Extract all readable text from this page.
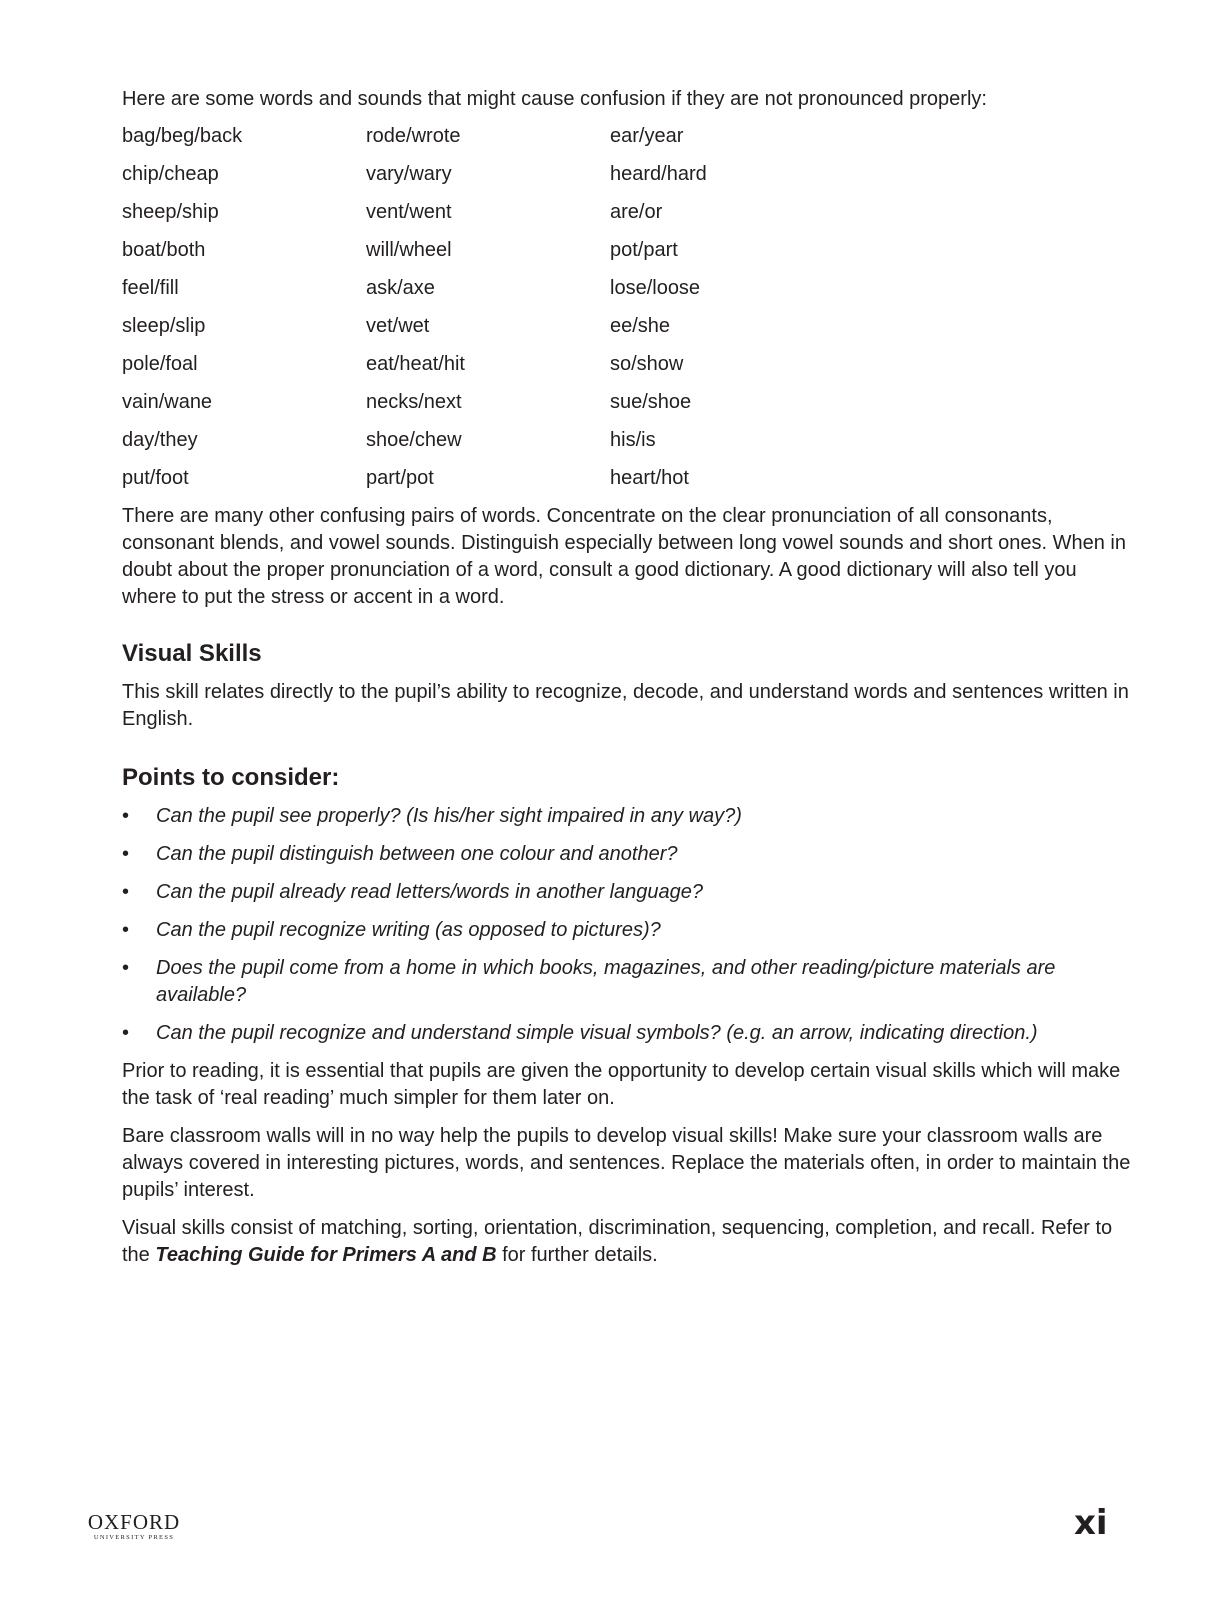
Here are some words and sounds that might cause confusion if they are not pronounced properly:

bag/beg/back	rode/wrote	ear/year
chip/cheap	vary/wary	heard/hard
sheep/ship	vent/went	are/or
boat/both	will/wheel	pot/part
feel/fill	ask/axe	lose/loose
sleep/slip	vet/wet	ee/she
pole/foal	eat/heat/hit	so/show
vain/wane	necks/next	sue/shoe
day/they	shoe/chew	his/is
put/foot	part/pot	heart/hot

There are many other confusing pairs of words. Concentrate on the clear pronunciation of all consonants, consonant blends, and vowel sounds. Distinguish especially between long vowel sounds and short ones. When in doubt about the proper pronunciation of a word, consult a good dictionary. A good dictionary will also tell you where to put the stress or accent in a word.

Visual Skills

This skill relates directly to the pupil’s ability to recognize, decode, and understand words and sentences written in English.

Points to consider:
• Can the pupil see properly? (Is his/her sight impaired in any way?)
• Can the pupil distinguish between one colour and another?
• Can the pupil already read letters/words in another language?
• Can the pupil recognize writing (as opposed to pictures)?
• Does the pupil come from a home in which books, magazines, and other reading/picture materials are available?
• Can the pupil recognize and understand simple visual symbols? (e.g. an arrow, indicating direction.)

Prior to reading, it is essential that pupils are given the opportunity to develop certain visual skills which will make the task of ‘real reading’ much simpler for them later on.

Bare classroom walls will in no way help the pupils to develop visual skills! Make sure your classroom walls are always covered in interesting pictures, words, and sentences. Replace the materials often, in order to maintain the pupils’ interest.

Visual skills consist of matching, sorting, orientation, discrimination, sequencing, completion, and recall. Refer to the Teaching Guide for Primers A and B for further details.

OXFORD
UNIVERSITY PRESS	xi
